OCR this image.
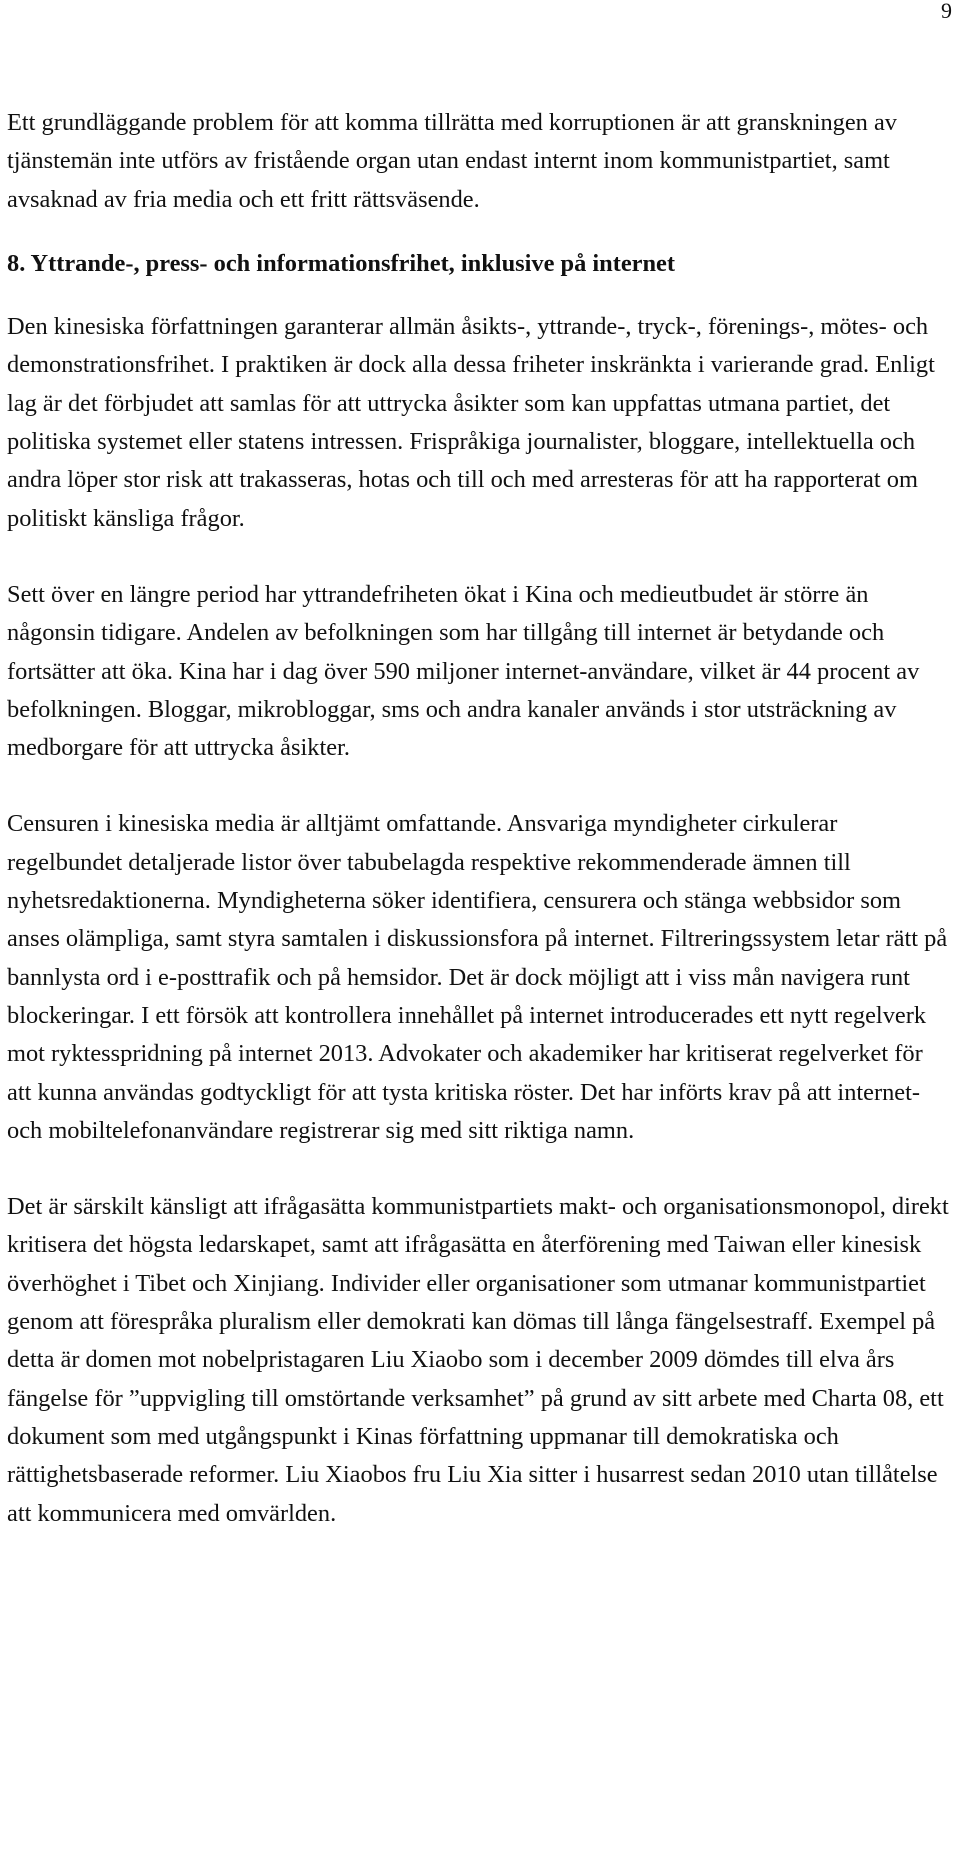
9

Ett grundläggande problem för att komma tillrätta med korruptionen är att granskningen av tjänstemän inte utförs av fristående organ utan endast internt inom kommunistpartiet, samt avsaknad av fria media och ett fritt rättsväsende.

8. Yttrande-, press- och informationsfrihet, inklusive på internet

Den kinesiska författningen garanterar allmän åsikts-, yttrande-, tryck-, förenings-, mötes- och demonstrationsfrihet. I praktiken är dock alla dessa friheter inskränkta i varierande grad. Enligt lag är det förbjudet att samlas för att uttrycka åsikter som kan uppfattas utmana partiet, det politiska systemet eller statens intressen. Frispråkiga journalister, bloggare, intellektuella och andra löper stor risk att trakasseras, hotas och till och med arresteras för att ha rapporterat om politiskt känsliga frågor.

Sett över en längre period har yttrandefriheten ökat i Kina och medieutbudet är större än någonsin tidigare. Andelen av befolkningen som har tillgång till internet är betydande och fortsätter att öka. Kina har i dag över 590 miljoner internet-användare, vilket är 44 procent av befolkningen. Bloggar, mikrobloggar, sms och andra kanaler används i stor utsträckning av medborgare för att uttrycka åsikter.

Censuren i kinesiska media är alltjämt omfattande. Ansvariga myndigheter cirkulerar regelbundet detaljerade listor över tabubelagda respektive rekommenderade ämnen till nyhetsredaktionerna. Myndigheterna söker identifiera, censurera och stänga webbsidor som anses olämpliga, samt styra samtalen i diskussionsfora på internet. Filtreringssystem letar rätt på bannlysta ord i e-posttrafik och på hemsidor. Det är dock möjligt att i viss mån navigera runt blockeringar. I ett försök att kontrollera innehållet på internet introducerades ett nytt regelverk mot ryktesspridning på internet 2013. Advokater och akademiker har kritiserat regelverket för att kunna användas godtyckligt för att tysta kritiska röster. Det har införts krav på att internet- och mobiltelefonanvändare registrerar sig med sitt riktiga namn.

Det är särskilt känsligt att ifrågasätta kommunistpartiets makt- och organisationsmonopol, direkt kritisera det högsta ledarskapet, samt att ifrågasätta en återförening med Taiwan eller kinesisk överhöghet i Tibet och Xinjiang. Individer eller organisationer som utmanar kommunistpartiet genom att förespråka pluralism eller demokrati kan dömas till långa fängelsestraff. Exempel på detta är domen mot nobelpristagaren Liu Xiaobo som i december 2009 dömdes till elva års fängelse för ”uppvigling till omstörtande verksamhet” på grund av sitt arbete med Charta 08, ett dokument som med utgångspunkt i Kinas författning uppmanar till demokratiska och rättighetsbaserade reformer. Liu Xiaobos fru Liu Xia sitter i husarrest sedan 2010 utan tillåtelse att kommunicera med omvärlden.
